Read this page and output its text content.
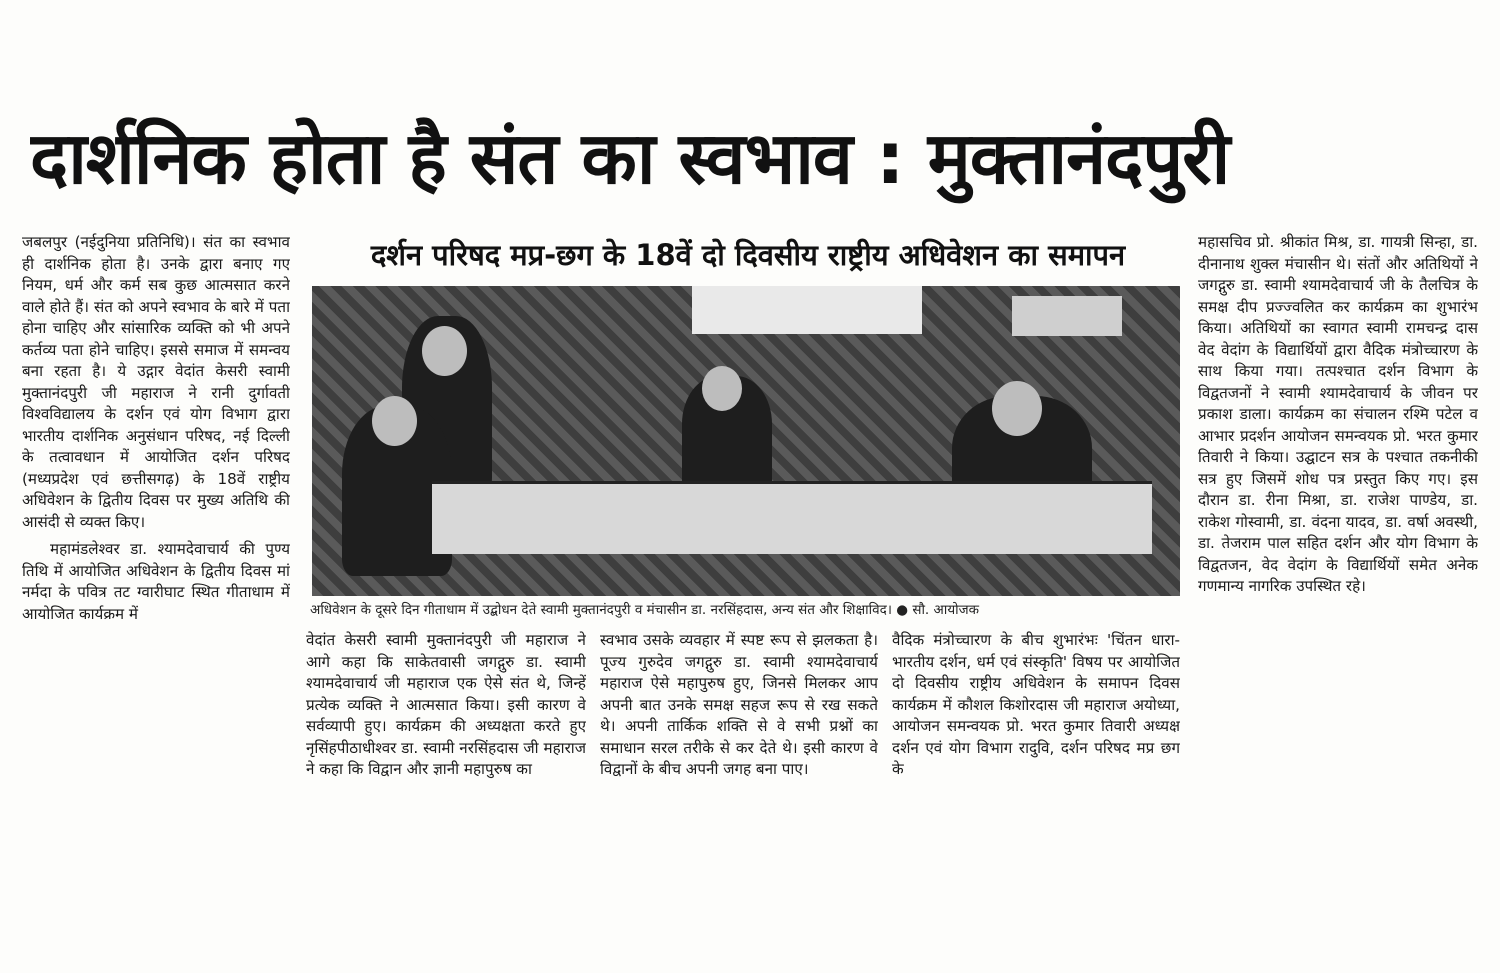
दार्शनिक होता है संत का स्वभाव : मुक्तानंदपुरी

जबलपुर (नईदुनिया प्रतिनिधि)। संत का स्वभाव ही दार्शनिक होता है। उनके द्वारा बनाए गए नियम, धर्म और कर्म सब कुछ आत्मसात करने वाले होते हैं। संत को अपने स्वभाव के बारे में पता होना चाहिए और सांसारिक व्यक्ति को भी अपने कर्तव्य पता होने चाहिए। इससे समाज में समन्वय बना रहता है। ये उद्गार वेदांत केसरी स्वामी मुक्तानंदपुरी जी महाराज ने रानी दुर्गावती विश्वविद्यालय के दर्शन एवं योग विभाग द्वारा भारतीय दार्शनिक अनुसंधान परिषद, नई दिल्ली के तत्वावधान में आयोजित दर्शन परिषद (मध्यप्रदेश एवं छत्तीसगढ़) के 18वें राष्ट्रीय अधिवेशन के द्वितीय दिवस पर मुख्य अतिथि की आसंदी से व्यक्त किए।

महामंडलेश्वर डा. श्यामदेवाचार्य की पुण्य तिथि में आयोजित अधिवेशन के द्वितीय दिवस मां नर्मदा के पवित्र तट ग्वारीघाट स्थित गीताधाम में आयोजित कार्यक्रम में

दर्शन परिषद मप्र-छग के 18वें दो दिवसीय राष्ट्रीय अधिवेशन का समापन
अधिवेशन के दूसरे दिन गीताधाम में उद्बोधन देते स्वामी मुक्तानंदपुरी व मंचासीन डा. नरसिंहदास, अन्य संत और शिक्षाविद। ● सौ. आयोजक

वेदांत केसरी स्वामी मुक्तानंदपुरी जी महाराज ने आगे कहा कि साकेतवासी जगद्गुरु डा. स्वामी श्यामदेवाचार्य जी महाराज एक ऐसे संत थे, जिन्हें प्रत्येक व्यक्ति ने आत्मसात किया। इसी कारण वे सर्वव्यापी हुए। कार्यक्रम की अध्यक्षता करते हुए नृसिंहपीठाधीश्वर डा. स्वामी नरसिंहदास जी महाराज ने कहा कि विद्वान और ज्ञानी महापुरुष का

स्वभाव उसके व्यवहार में स्पष्ट रूप से झलकता है। पूज्य गुरुदेव जगद्गुरु डा. स्वामी श्यामदेवाचार्य महाराज ऐसे महापुरुष हुए, जिनसे मिलकर आप अपनी बात उनके समक्ष सहज रूप से रख सकते थे। अपनी तार्किक शक्ति से वे सभी प्रश्नों का समाधान सरल तरीके से कर देते थे। इसी कारण वे विद्वानों के बीच अपनी जगह बना पाए।

वैदिक मंत्रोच्चारण के बीच शुभारंभः 'चिंतन धारा-भारतीय दर्शन, धर्म एवं संस्कृति' विषय पर आयोजित दो दिवसीय राष्ट्रीय अधिवेशन के समापन दिवस कार्यक्रम में कौशल किशोरदास जी महाराज अयोध्या, आयोजन समन्वयक प्रो. भरत कुमार तिवारी अध्यक्ष दर्शन एवं योग विभाग रादुवि, दर्शन परिषद मप्र छग के

महासचिव प्रो. श्रीकांत मिश्र, डा. गायत्री सिन्हा, डा. दीनानाथ शुक्ल मंचासीन थे। संतों और अतिथियों ने जगद्गुरु डा. स्वामी श्यामदेवाचार्य जी के तैलचित्र के समक्ष दीप प्रज्ज्वलित कर कार्यक्रम का शुभारंभ किया। अतिथियों का स्वागत स्वामी रामचन्द्र दास वेद वेदांग के विद्यार्थियों द्वारा वैदिक मंत्रोच्चारण के साथ किया गया। तत्पश्चात दर्शन विभाग के विद्वतजनों ने स्वामी श्यामदेवाचार्य के जीवन पर प्रकाश डाला। कार्यक्रम का संचालन रश्मि पटेल व आभार प्रदर्शन आयोजन समन्वयक प्रो. भरत कुमार तिवारी ने किया। उद्घाटन सत्र के पश्चात तकनीकी सत्र हुए जिसमें शोध पत्र प्रस्तुत किए गए। इस दौरान डा. रीना मिश्रा, डा. राजेश पाण्डेय, डा. राकेश गोस्वामी, डा. वंदना यादव, डा. वर्षा अवस्थी, डा. तेजराम पाल सहित दर्शन और योग विभाग के विद्वतजन, वेद वेदांग के विद्यार्थियों समेत अनेक गणमान्य नागरिक उपस्थित रहे।
